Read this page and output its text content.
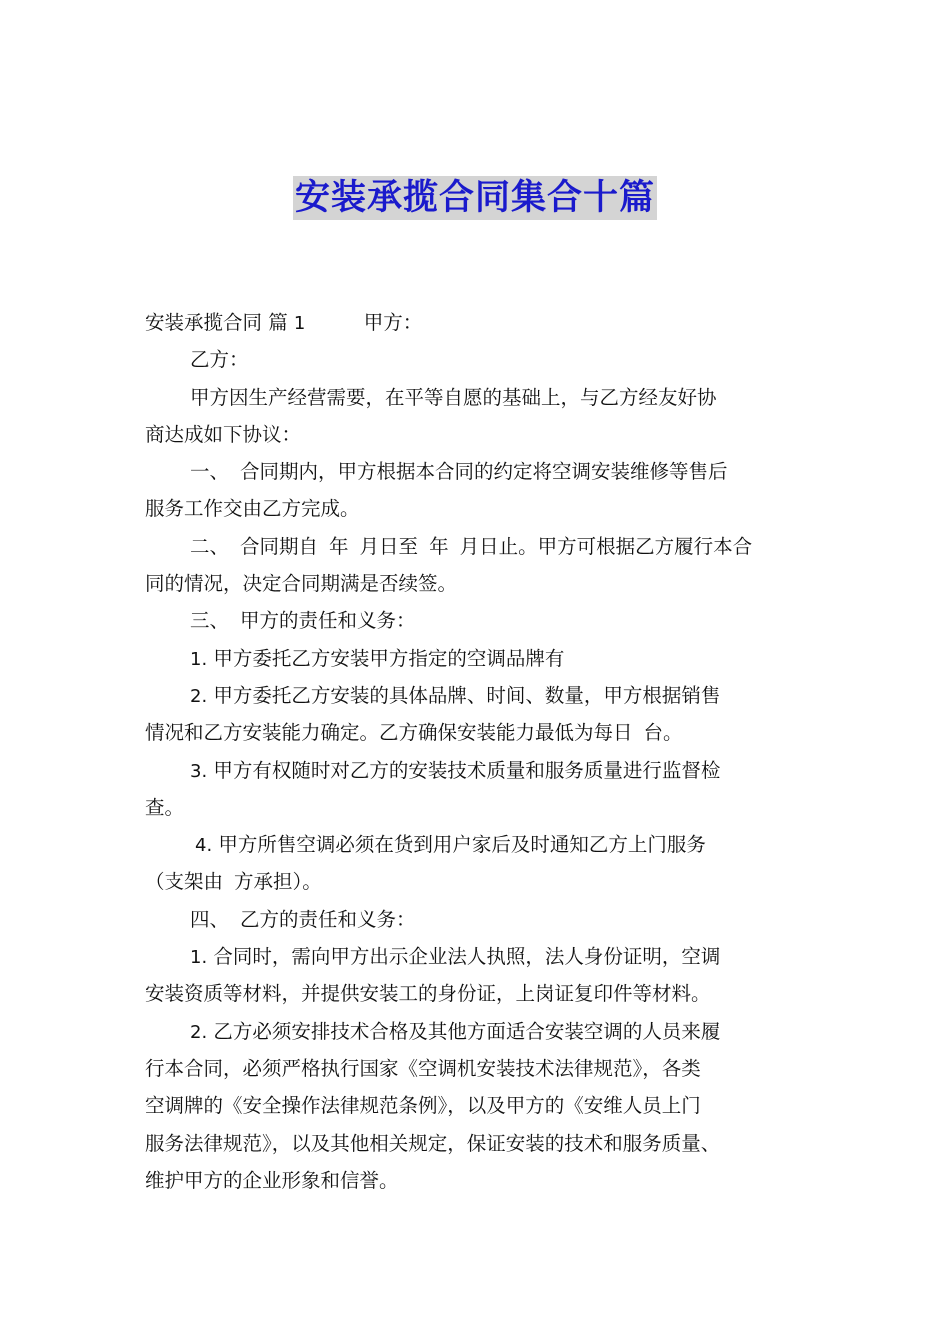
安装承揽合同集合十篇
安装承揽合同 篇 1	甲方：
乙方：
甲方因生产经营需要，在平等自愿的基础上，与乙方经友好协
商达成如下协议：
一、 合同期内，甲方根据本合同的约定将空调安装维修等售后
服务工作交由乙方完成。
二、 合同期自 年 月日至 年 月日止。甲方可根据乙方履行本合
同的情况，决定合同期满是否续签。
三、 甲方的责任和义务：
1. 甲方委托乙方安装甲方指定的空调品牌有
2. 甲方委托乙方安装的具体品牌、时间、数量，甲方根据销售
情况和乙方安装能力确定。乙方确保安装能力最低为每日 台。
3. 甲方有权随时对乙方的安装技术质量和服务质量进行监督检
查。
4. 甲方所售空调必须在货到用户家后及时通知乙方上门服务
（支架由 方承担）。
四、 乙方的责任和义务：
1. 合同时，需向甲方出示企业法人执照，法人身份证明，空调
安装资质等材料，并提供安装工的身份证，上岗证复印件等材料。
2. 乙方必须安排技术合格及其他方面适合安装空调的人员来履
行本合同，必须严格执行国家《空调机安装技术法律规范》，各类
空调牌的《安全操作法律规范条例》，以及甲方的《安维人员上门
服务法律规范》，以及其他相关规定，保证安装的技术和服务质量、
维护甲方的企业形象和信誉。
